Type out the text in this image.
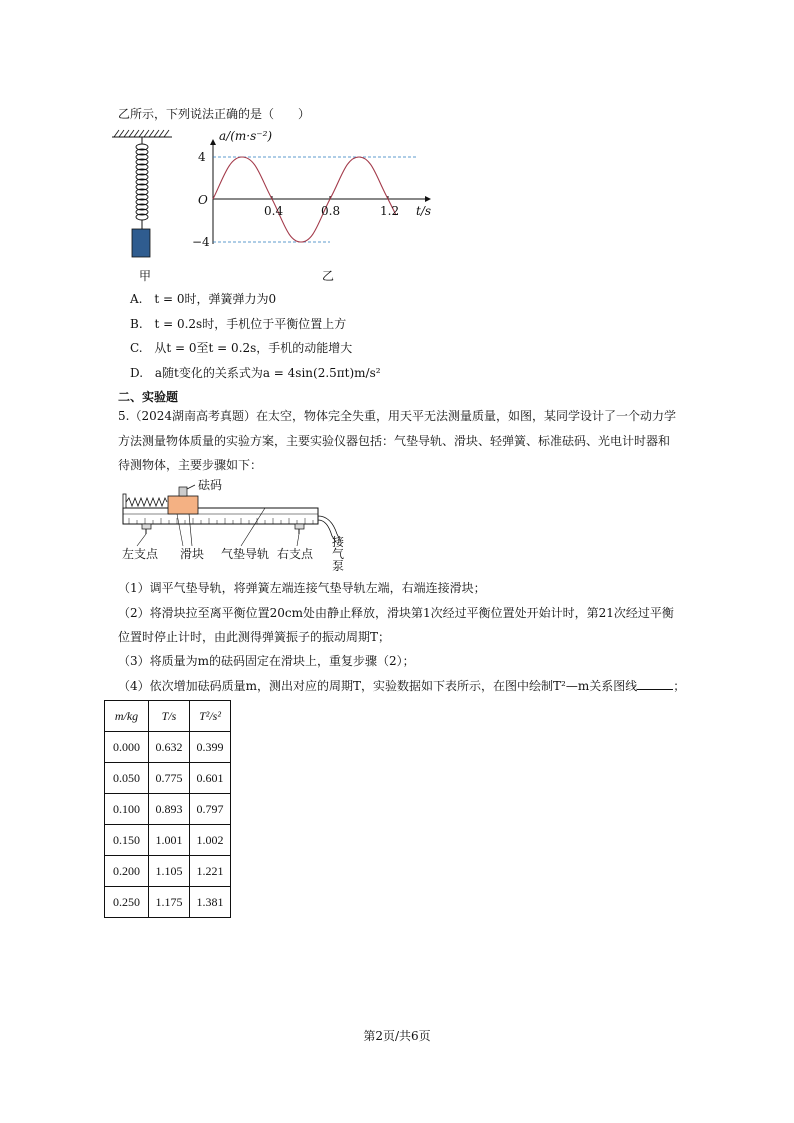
乙所示，下列说法正确的是（　　）
甲
a/(m·s⁻²)
4
O
−4
0.4	0.8	1.2 t/s
乙
A. t = 0时，弹簧弹力为0
B. t = 0.2s时，手机位于平衡位置上方
C. 从t = 0至t = 0.2s，手机的动能增大
D. a随t变化的关系式为a = 4sin(2.5πt)m/s²
二、实验题
5.（2024湖南高考真题）在太空，物体完全失重，用天平无法测量质量，如图，某同学设计了一个动力学
方法测量物体质量的实验方案，主要实验仪器包括：气垫导轨、滑块、轻弹簧、标准砝码、光电计时器和
待测物体，主要步骤如下：
砝码
左支点 滑块 气垫导轨 右支点
接
气
泵
（1）调平气垫导轨，将弹簧左端连接气垫导轨左端，右端连接滑块；
（2）将滑块拉至离平衡位置20cm处由静止释放，滑块第1次经过平衡位置处开始计时，第21次经过平衡
位置时停止计时，由此测得弹簧振子的振动周期T；
（3）将质量为m的砝码固定在滑块上，重复步骤（2）；
（4）依次增加砝码质量m，测出对应的周期T，实验数据如下表所示，在图中绘制T²—m关系图线	；
m/kg	T/s	T²/s²
0.000	0.632	0.399
0.050	0.775	0.601
0.100	0.893	0.797
0.150	1.001	1.002
0.200	1.105	1.221
0.250	1.175	1.381
第2页/共6页
